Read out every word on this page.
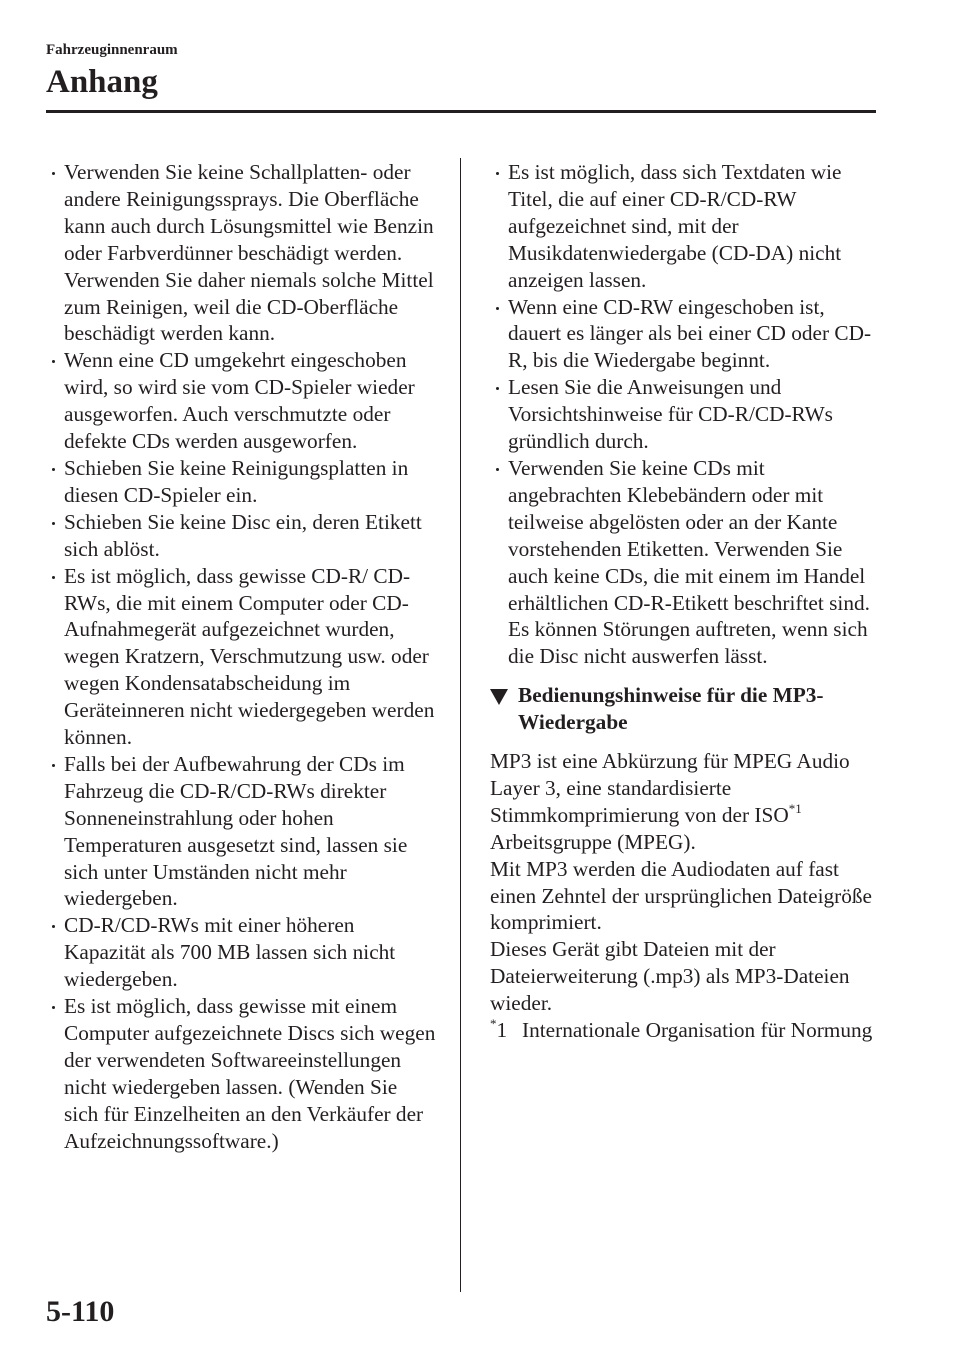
Fahrzeuginnenraum
Anhang
Verwenden Sie keine Schallplatten- oder andere Reinigungssprays. Die Oberfläche kann auch durch Lösungsmittel wie Benzin oder Farbverdünner beschädigt werden. Verwenden Sie daher niemals solche Mittel zum Reinigen, weil die CD-Oberfläche beschädigt werden kann.
Wenn eine CD umgekehrt eingeschoben wird, so wird sie vom CD-Spieler wieder ausgeworfen. Auch verschmutzte oder defekte CDs werden ausgeworfen.
Schieben Sie keine Reinigungsplatten in diesen CD-Spieler ein.
Schieben Sie keine Disc ein, deren Etikett sich ablöst.
Es ist möglich, dass gewisse CD-R/ CD-RWs, die mit einem Computer oder CD-Aufnahmegerät aufgezeichnet wurden, wegen Kratzern, Verschmutzung usw. oder wegen Kondensatabscheidung im Geräteinneren nicht wiedergegeben werden können.
Falls bei der Aufbewahrung der CDs im Fahrzeug die CD-R/CD-RWs direkter Sonneneinstrahlung oder hohen Temperaturen ausgesetzt sind, lassen sie sich unter Umständen nicht mehr wiedergeben.
CD-R/CD-RWs mit einer höheren Kapazität als 700 MB lassen sich nicht wiedergeben.
Es ist möglich, dass gewisse mit einem Computer aufgezeichnete Discs sich wegen der verwendeten Softwareeinstellungen nicht wiedergeben lassen. (Wenden Sie sich für Einzelheiten an den Verkäufer der Aufzeichnungssoftware.)
Es ist möglich, dass sich Textdaten wie Titel, die auf einer CD-R/CD-RW aufgezeichnet sind, mit der Musikdatenwiedergabe (CD-DA) nicht anzeigen lassen.
Wenn eine CD-RW eingeschoben ist, dauert es länger als bei einer CD oder CD-R, bis die Wiedergabe beginnt.
Lesen Sie die Anweisungen und Vorsichtshinweise für CD-R/CD-RWs gründlich durch.
Verwenden Sie keine CDs mit angebrachten Klebebändern oder mit teilweise abgelösten oder an der Kante vorstehenden Etiketten. Verwenden Sie auch keine CDs, die mit einem im Handel erhältlichen CD-R-Etikett beschriftet sind. Es können Störungen auftreten, wenn sich die Disc nicht auswerfen lässt.
Bedienungshinweise für die MP3-Wiedergabe
MP3 ist eine Abkürzung für MPEG Audio Layer 3, eine standardisierte Stimmkomprimierung von der ISO$^{*1}$ Arbeitsgruppe (MPEG).
Mit MP3 werden die Audiodaten auf fast einen Zehntel der ursprünglichen Dateigröße komprimiert.
Dieses Gerät gibt Dateien mit der Dateierweiterung (.mp3) als MP3-Dateien wieder.
*1 Internationale Organisation für Normung
5-110
